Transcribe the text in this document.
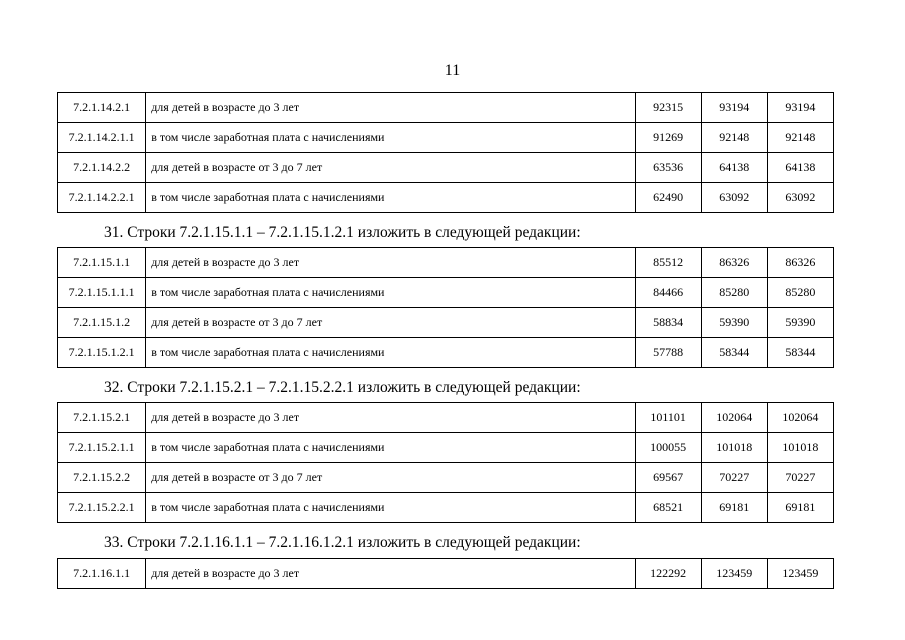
11
7.2.1.14.2.1	для детей в возрасте до 3 лет	92315	93194	93194
7.2.1.14.2.1.1	в том числе заработная плата с начислениями	91269	92148	92148
7.2.1.14.2.2	для детей в возрасте от 3 до 7 лет	63536	64138	64138
7.2.1.14.2.2.1	в том числе заработная плата с начислениями	62490	63092	63092
31. Строки 7.2.1.15.1.1 – 7.2.1.15.1.2.1 изложить в следующей редакции:
7.2.1.15.1.1	для детей в возрасте до 3 лет	85512	86326	86326
7.2.1.15.1.1.1	в том числе заработная плата с начислениями	84466	85280	85280
7.2.1.15.1.2	для детей в возрасте от 3 до 7 лет	58834	59390	59390
7.2.1.15.1.2.1	в том числе заработная плата с начислениями	57788	58344	58344
32. Строки 7.2.1.15.2.1 – 7.2.1.15.2.2.1 изложить в следующей редакции:
7.2.1.15.2.1	для детей в возрасте до 3 лет	101101	102064	102064
7.2.1.15.2.1.1	в том числе заработная плата с начислениями	100055	101018	101018
7.2.1.15.2.2	для детей в возрасте от 3 до 7 лет	69567	70227	70227
7.2.1.15.2.2.1	в том числе заработная плата с начислениями	68521	69181	69181
33. Строки 7.2.1.16.1.1 – 7.2.1.16.1.2.1 изложить в следующей редакции:
7.2.1.16.1.1	для детей в возрасте до 3 лет	122292	123459	123459
